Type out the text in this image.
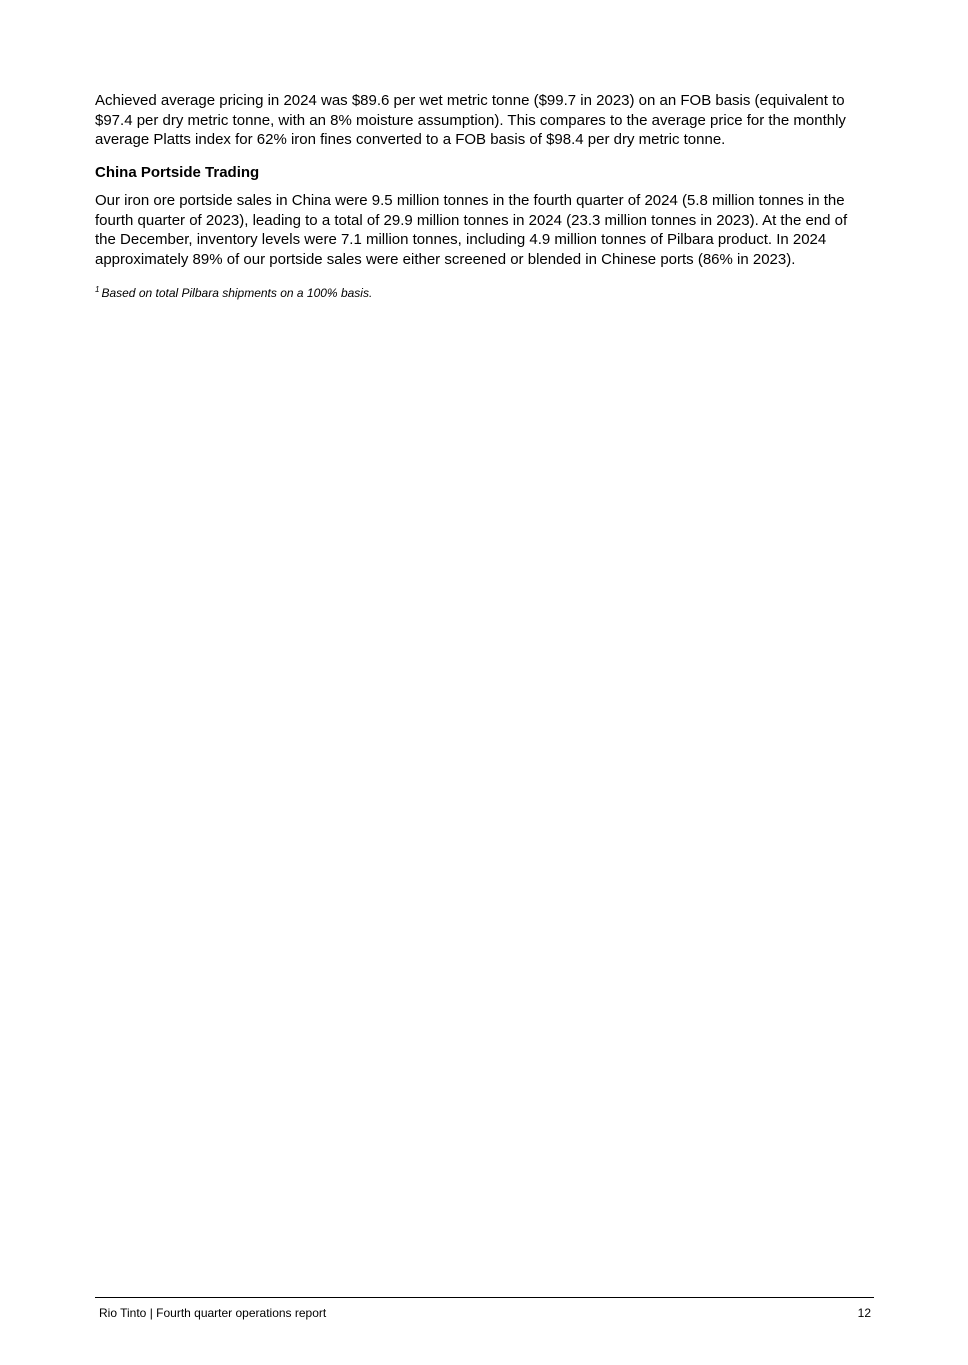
Achieved average pricing in 2024 was $89.6 per wet metric tonne ($99.7 in 2023) on an FOB basis (equivalent to $97.4 per dry metric tonne, with an 8% moisture assumption). This compares to the average price for the monthly average Platts index for 62% iron fines converted to a FOB basis of $98.4 per dry metric tonne.

China Portside Trading

Our iron ore portside sales in China were 9.5 million tonnes in the fourth quarter of 2024 (5.8 million tonnes in the fourth quarter of 2023), leading to a total of 29.9 million tonnes in 2024 (23.3 million tonnes in 2023). At the end of the December, inventory levels were 7.1 million tonnes, including 4.9 million tonnes of Pilbara product. In 2024 approximately 89% of our portside sales were either screened or blended in Chinese ports (86% in 2023).

$^1$ Based on total Pilbara shipments on a 100% basis.

Rio Tinto | Fourth quarter operations report	12
